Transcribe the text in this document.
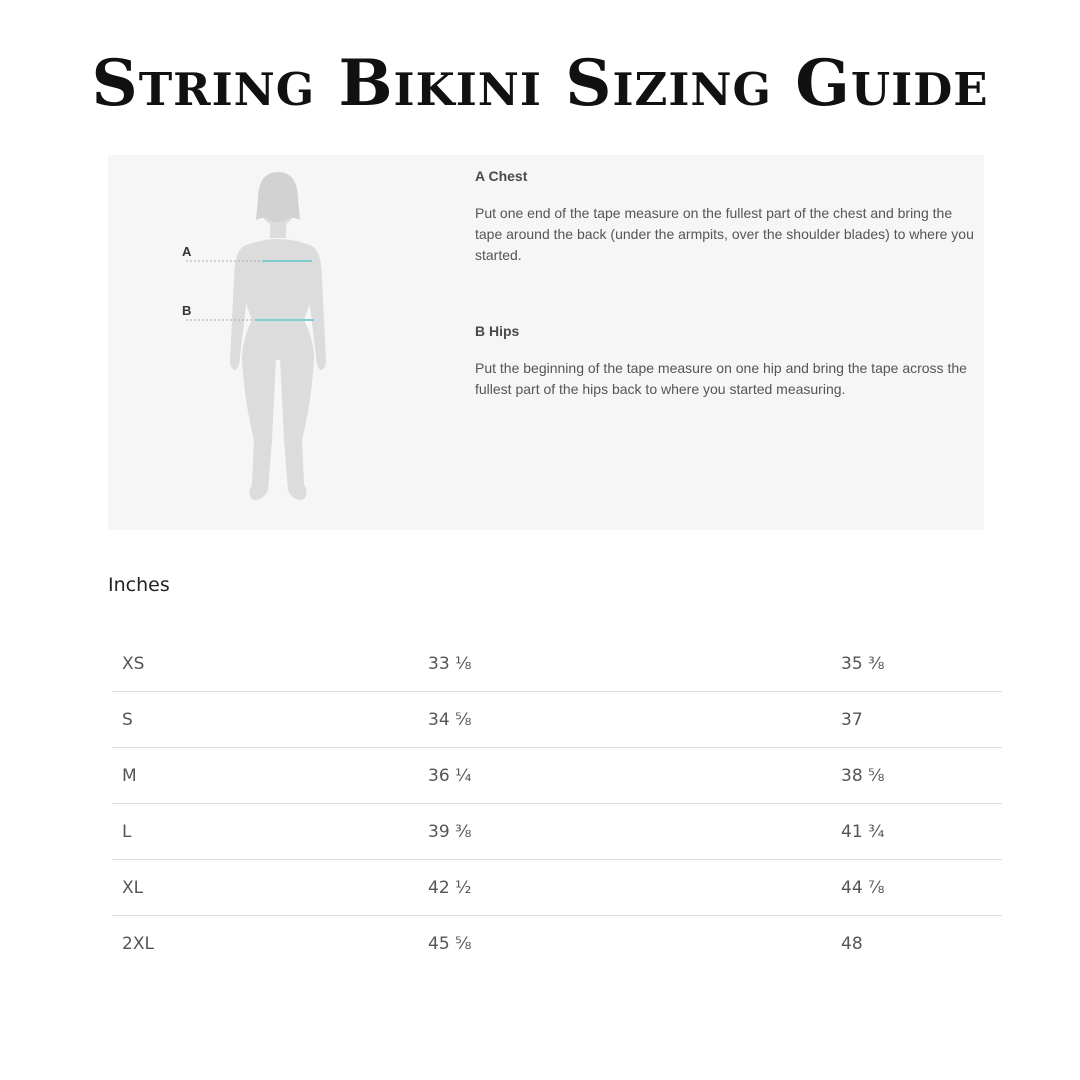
String Bikini Sizing Guide
A
B

A Chest

Put one end of the tape measure on the fullest part of the chest and bring the tape around the back (under the armpits, over the shoulder blades) to where you started.

B Hips

Put the beginning of the tape measure on one hip and bring the tape across the fullest part of the hips back to where you started measuring.

Inches
XS	33 ⅛	35 ⅜
S	34 ⅝	37
M	36 ¼	38 ⅝
L	39 ⅜	41 ¾
XL	42 ½	44 ⅞
2XL	45 ⅝	48
